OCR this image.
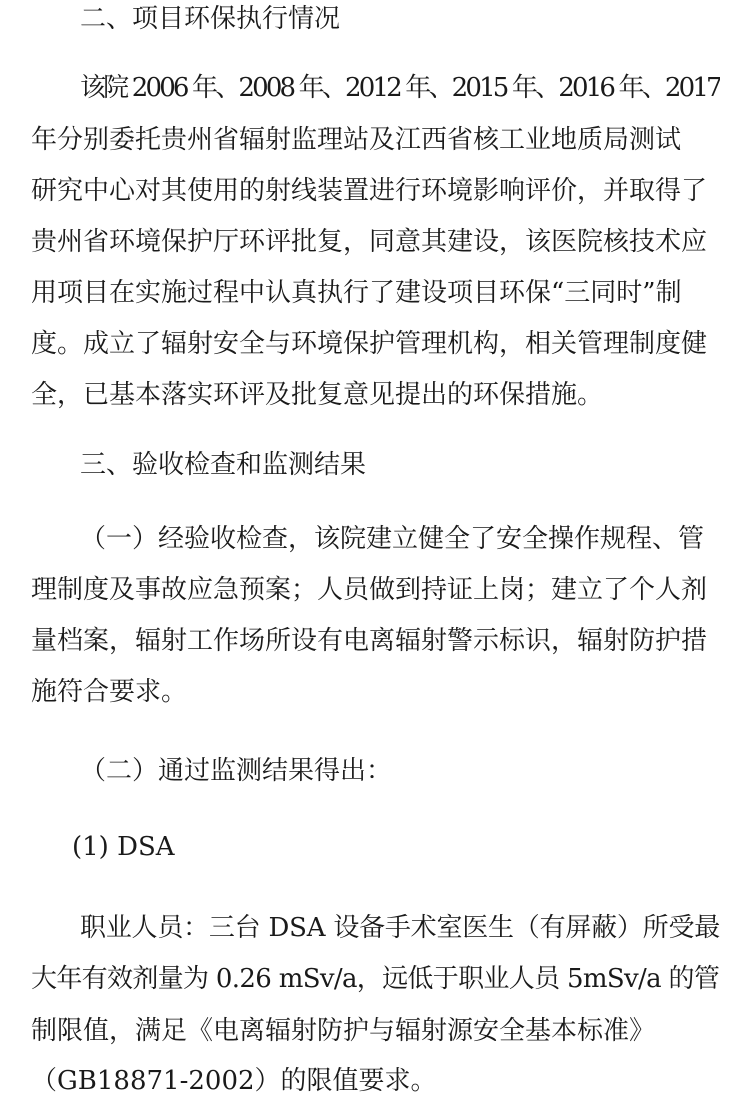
二、项目环保执行情况
该院 2006 年、2008 年、2012 年、2015 年、2016 年、2017
年分别委托贵州省辐射监理站及江西省核工业地质局测试
研究中心对其使用的射线装置进行环境影响评价，并取得了
贵州省环境保护厅环评批复，同意其建设，该医院核技术应
用项目在实施过程中认真执行了建设项目环保“三同时”制
度。成立了辐射安全与环境保护管理机构，相关管理制度健
全，已基本落实环评及批复意见提出的环保措施。
三、验收检查和监测结果
（一）经验收检查，该院建立健全了安全操作规程、管
理制度及事故应急预案；人员做到持证上岗；建立了个人剂
量档案，辐射工作场所设有电离辐射警示标识，辐射防护措
施符合要求。
（二）通过监测结果得出：
(1) DSA
职业人员：三台 DSA 设备手术室医生（有屏蔽）所受最
大年有效剂量为 0.26 mSv/a，远低于职业人员 5mSv/a 的管
制限值，满足《电离辐射防护与辐射源安全基本标准》
（GB18871-2002）的限值要求。
